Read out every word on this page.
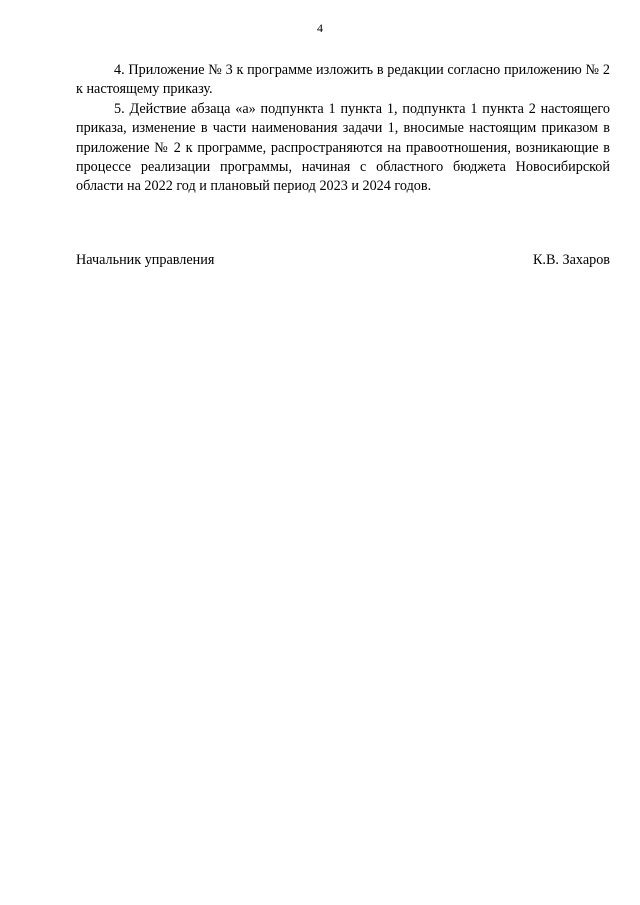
4

4. Приложение № 3 к программе изложить в редакции согласно приложению № 2 к настоящему приказу.

5. Действие абзаца «а» подпункта 1 пункта 1, подпункта 1 пункта 2 настоящего приказа, изменение в части наименования задачи 1, вносимые настоящим приказом в приложение № 2 к программе, распространяются на правоотношения, возникающие в процессе реализации программы, начиная с областного бюджета Новосибирской области на 2022 год и плановый период 2023 и 2024 годов.

Начальник управления	К.В. Захаров
